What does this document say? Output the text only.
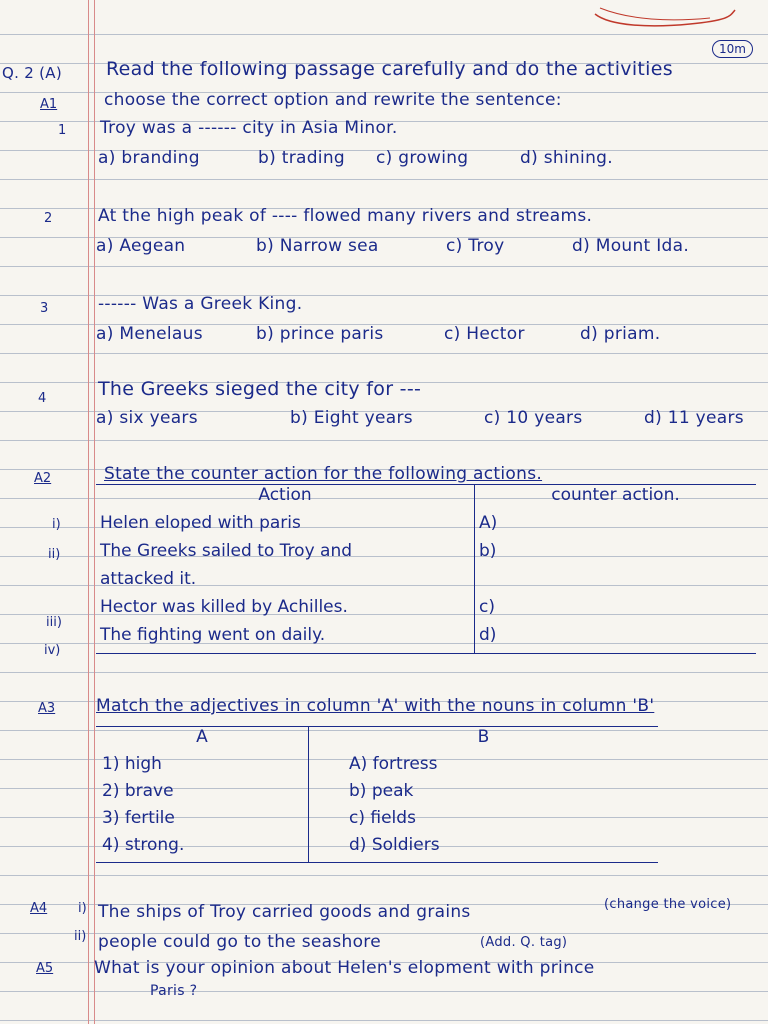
Q. 2 (A) Read the following passage carefully and do the activities
10m
A1	choose the correct option and rewrite the sentence:
1 Troy was a ------ city in Asia Minor.
a) branding	b) trading c) growing	d) shining.
2	At the high peak of ---- flowed many rivers and streams.
a) Aegean	b) Narrow sea	c) Troy	d) Mount Ida.
3	------ Was a Greek King.
a) Menelaus	b) prince paris	c) Hector	d) priam.
4	The Greeks sieged the city for ---
a) six years	b) Eight years	c) 10 years	d) 11 years
A2	State the counter action for the following actions.
Action	counter action.
Helen eloped with paris	A)
The Greeks sailed to Troy and	b)
attacked it.	
Hector was killed by Achilles.	c)
The fighting went on daily.	d)
i)
ii)
iii)
iv)
A3 Match the adjectives in column 'A' with the nouns in column 'B'
A	B
1) high	A) fortress
2) brave	b) peak
3) fertile	c) fields
4) strong.	d) Soldiers
A4 i) The ships of Troy carried goods and grains	(change the voice)
ii) people could go to the seashore	(Add. Q. tag)
A5 What is your opinion about Helen's elopment with prince
Paris ?
